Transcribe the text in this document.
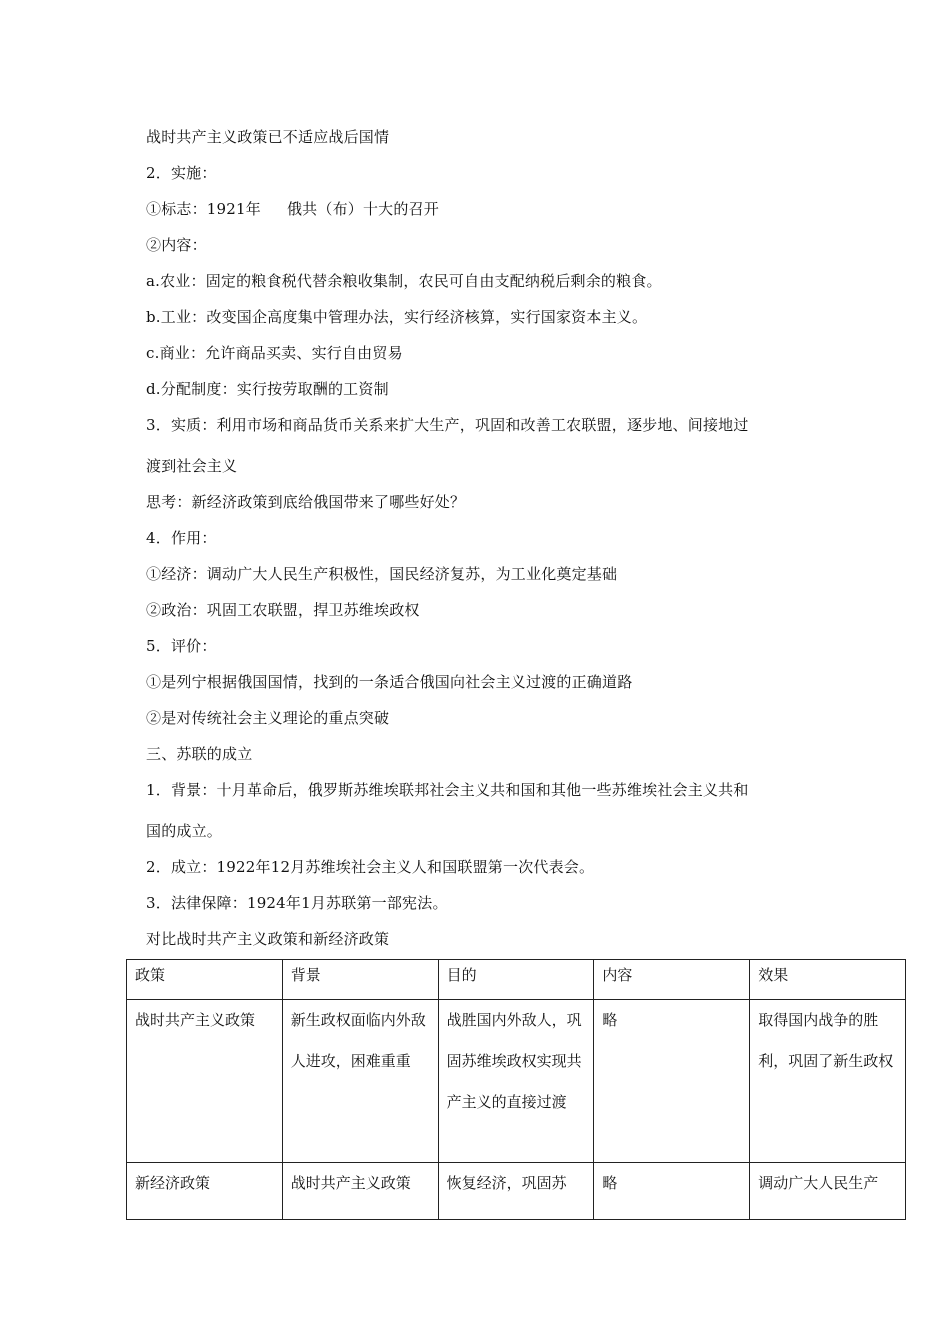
战时共产主义政策已不适应战后国情
2．实施：
①标志：1921年 俄共（布）十大的召开
②内容：
a.农业：固定的粮食税代替余粮收集制，农民可自由支配纳税后剩余的粮食。
b.工业：改变国企高度集中管理办法，实行经济核算，实行国家资本主义。
c.商业：允许商品买卖、实行自由贸易
d.分配制度：实行按劳取酬的工资制
3．实质：利用市场和商品货币关系来扩大生产，巩固和改善工农联盟，逐步地、间接地过
渡到社会主义
思考：新经济政策到底给俄国带来了哪些好处？
4．作用：
①经济：调动广大人民生产积极性，国民经济复苏，为工业化奠定基础
②政治：巩固工农联盟，捍卫苏维埃政权
5．评价：
①是列宁根据俄国国情，找到的一条适合俄国向社会主义过渡的正确道路
②是对传统社会主义理论的重点突破
三、苏联的成立
1．背景：十月革命后，俄罗斯苏维埃联邦社会主义共和国和其他一些苏维埃社会主义共和
国的成立。
2．成立：1922年12月苏维埃社会主义人和国联盟第一次代表会。
3．法律保障：1924年1月苏联第一部宪法。
对比战时共产主义政策和新经济政策
政策	背景	目的	内容	效果
战时共产主义政策	新生政权面临内外敌人进攻，困难重重	战胜国内外敌人，巩固苏维埃政权实现共产主义的直接过渡	略	取得国内战争的胜利，巩固了新生政权
新经济政策	战时共产主义政策	恢复经济，巩固苏	略	调动广大人民生产
